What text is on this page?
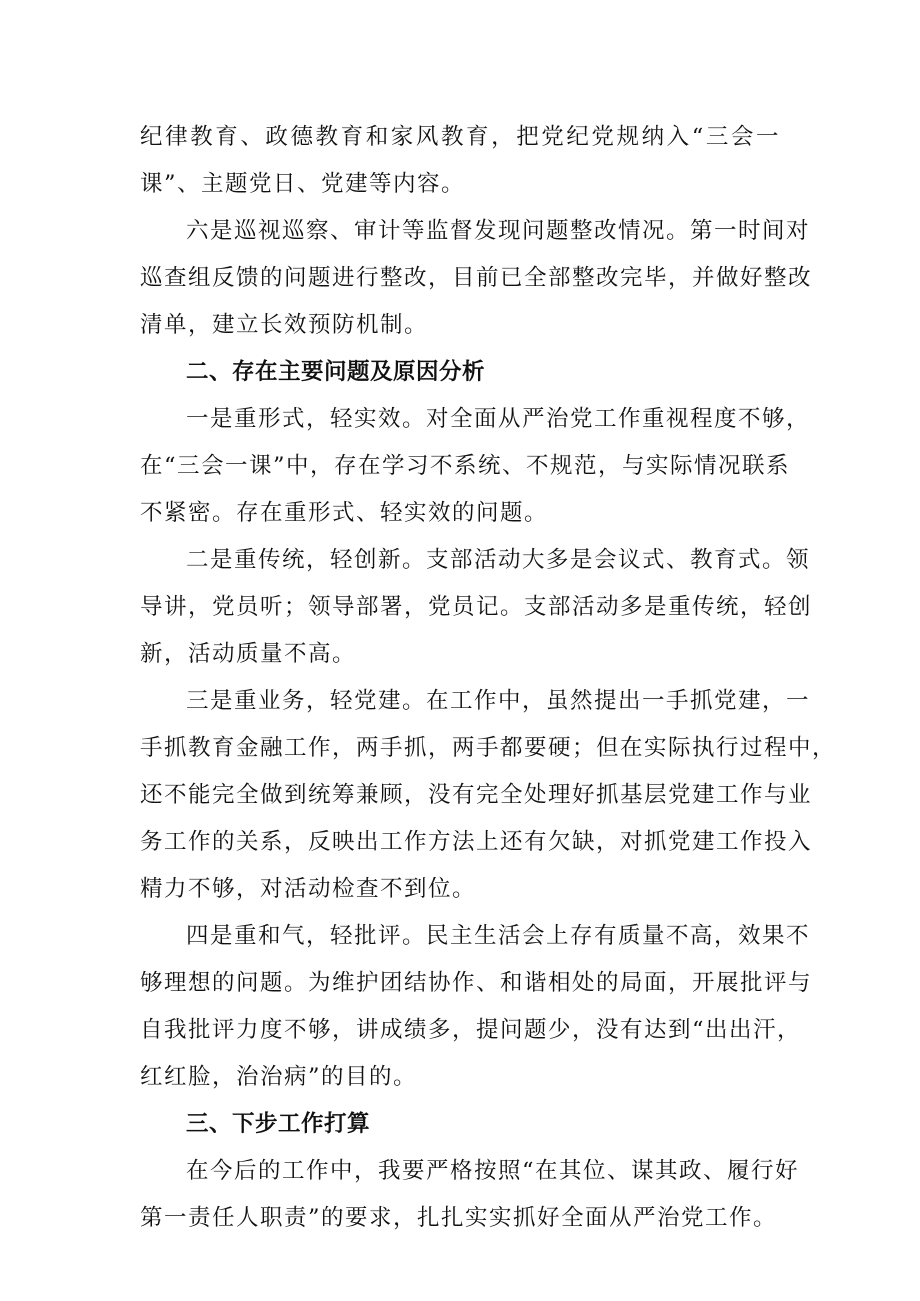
纪律教育、政德教育和家风教育，把党纪党规纳入“三会一
课”、主题党日、党建等内容。

六是巡视巡察、审计等监督发现问题整改情况。第一时间对
巡查组反馈的问题进行整改，目前已全部整改完毕，并做好整改
清单，建立长效预防机制。

二、存在主要问题及原因分析

一是重形式，轻实效。对全面从严治党工作重视程度不够，
在“三会一课”中，存在学习不系统、不规范，与实际情况联系
不紧密。存在重形式、轻实效的问题。

二是重传统，轻创新。支部活动大多是会议式、教育式。领
导讲，党员听；领导部署，党员记。支部活动多是重传统，轻创
新，活动质量不高。

三是重业务，轻党建。在工作中，虽然提出一手抓党建，一
手抓教育金融工作，两手抓，两手都要硬；但在实际执行过程中，
还不能完全做到统筹兼顾，没有完全处理好抓基层党建工作与业
务工作的关系，反映出工作方法上还有欠缺，对抓党建工作投入
精力不够，对活动检查不到位。

四是重和气，轻批评。民主生活会上存有质量不高，效果不
够理想的问题。为维护团结协作、和谐相处的局面，开展批评与
自我批评力度不够，讲成绩多，提问题少，没有达到“出出汗，
红红脸，治治病”的目的。

三、下步工作打算

在今后的工作中，我要严格按照“在其位、谋其政、履行好
第一责任人职责”的要求，扎扎实实抓好全面从严治党工作。
